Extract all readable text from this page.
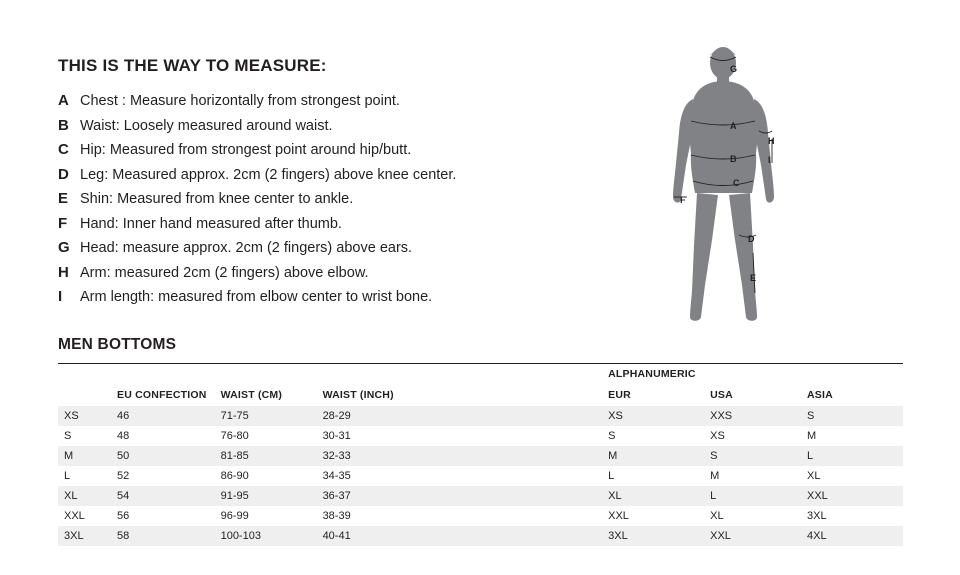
THIS IS THE WAY TO MEASURE:
A Chest : Measure horizontally from strongest point.
B Waist: Loosely measured around waist.
C Hip: Measured from strongest point around hip/butt.
D Leg: Measured approx. 2cm (2 fingers) above knee center.
E Shin: Measured from knee center to ankle.
F Hand: Inner hand measured after thumb.
G Head: measure approx. 2cm (2 fingers) above ears.
H Arm: measured 2cm (2 fingers) above elbow.
I	Arm length: measured from elbow center to wrist bone.
G
A
H
I
B
C
F
D
E
MEN BOTTOMS
				ALPHANUMERIC		
	EU CONFECTION	WAIST (CM)	WAIST (INCH)	EUR	USA	ASIA
XS	46	71-75	28-29	XS	XXS	S
S	48	76-80	30-31	S	XS	M
M	50	81-85	32-33	M	S	L
L	52	86-90	34-35	L	M	XL
XL	54	91-95	36-37	XL	L	XXL
XXL	56	96-99	38-39	XXL	XL	3XL
3XL	58	100-103	40-41	3XL	XXL	4XL
